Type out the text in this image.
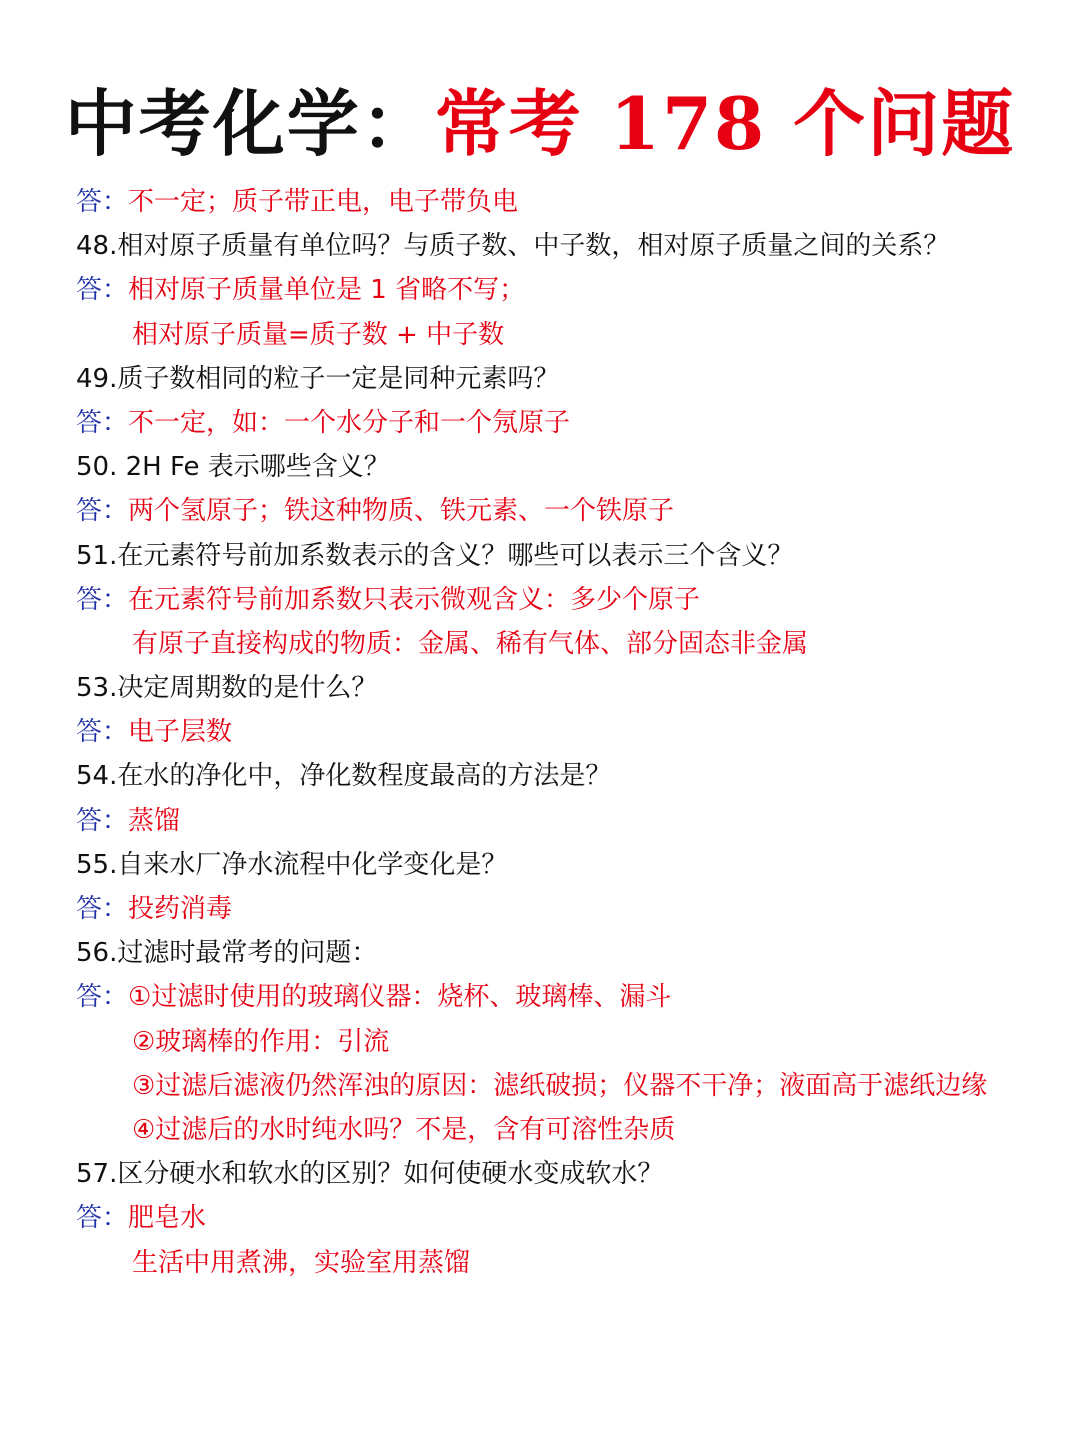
中考化学：常考 178 个问题
答：不一定；质子带正电，电子带负电
48.相对原子质量有单位吗？与质子数、中子数，相对原子质量之间的关系？
答：相对原子质量单位是 1 省略不写；
相对原子质量=质子数 + 中子数
49.质子数相同的粒子一定是同种元素吗？
答：不一定，如：一个水分子和一个氖原子
50. 2H Fe 表示哪些含义？
答：两个氢原子；铁这种物质、铁元素、一个铁原子
51.在元素符号前加系数表示的含义？哪些可以表示三个含义？
答：在元素符号前加系数只表示微观含义：多少个原子
有原子直接构成的物质：金属、稀有气体、部分固态非金属
53.决定周期数的是什么？
答：电子层数
54.在水的净化中，净化数程度最高的方法是？
答：蒸馏
55.自来水厂净水流程中化学变化是？
答：投药消毒
56.过滤时最常考的问题：
答：①过滤时使用的玻璃仪器：烧杯、玻璃棒、漏斗
②玻璃棒的作用：引流
③过滤后滤液仍然浑浊的原因：滤纸破损；仪器不干净；液面高于滤纸边缘
④过滤后的水时纯水吗？不是，含有可溶性杂质
57.区分硬水和软水的区别？如何使硬水变成软水？
答：肥皂水
生活中用煮沸，实验室用蒸馏
